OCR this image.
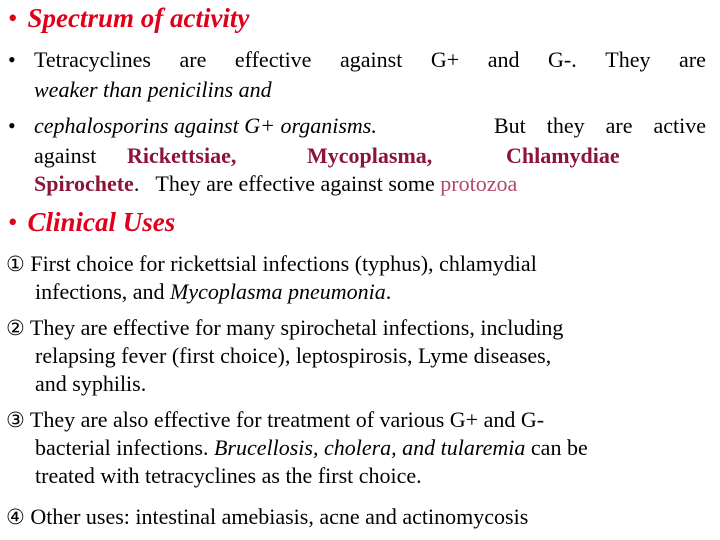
• Spectrum of activity
• Tetracyclines are effective against G+ and G-. They are
weaker than penicilins and
• cephalosporins against G+ organisms.	But they are active
against Rickettsiae,	Mycoplasma,	Chlamydiae
Spirochete.   They are effective against some protozoa
• Clinical Uses
① First choice for rickettsial infections (typhus), chlamydial
infections, and Mycoplasma pneumonia.
② They are effective for many spirochetal infections, including
relapsing fever (first choice), leptospirosis, Lyme diseases,
and syphilis.
③ They are also effective for treatment of various G+ and G-
bacterial infections. Brucellosis, cholera, and tularemia can be
treated with tetracyclines as the first choice.
④ Other uses: intestinal amebiasis, acne and actinomycosis
